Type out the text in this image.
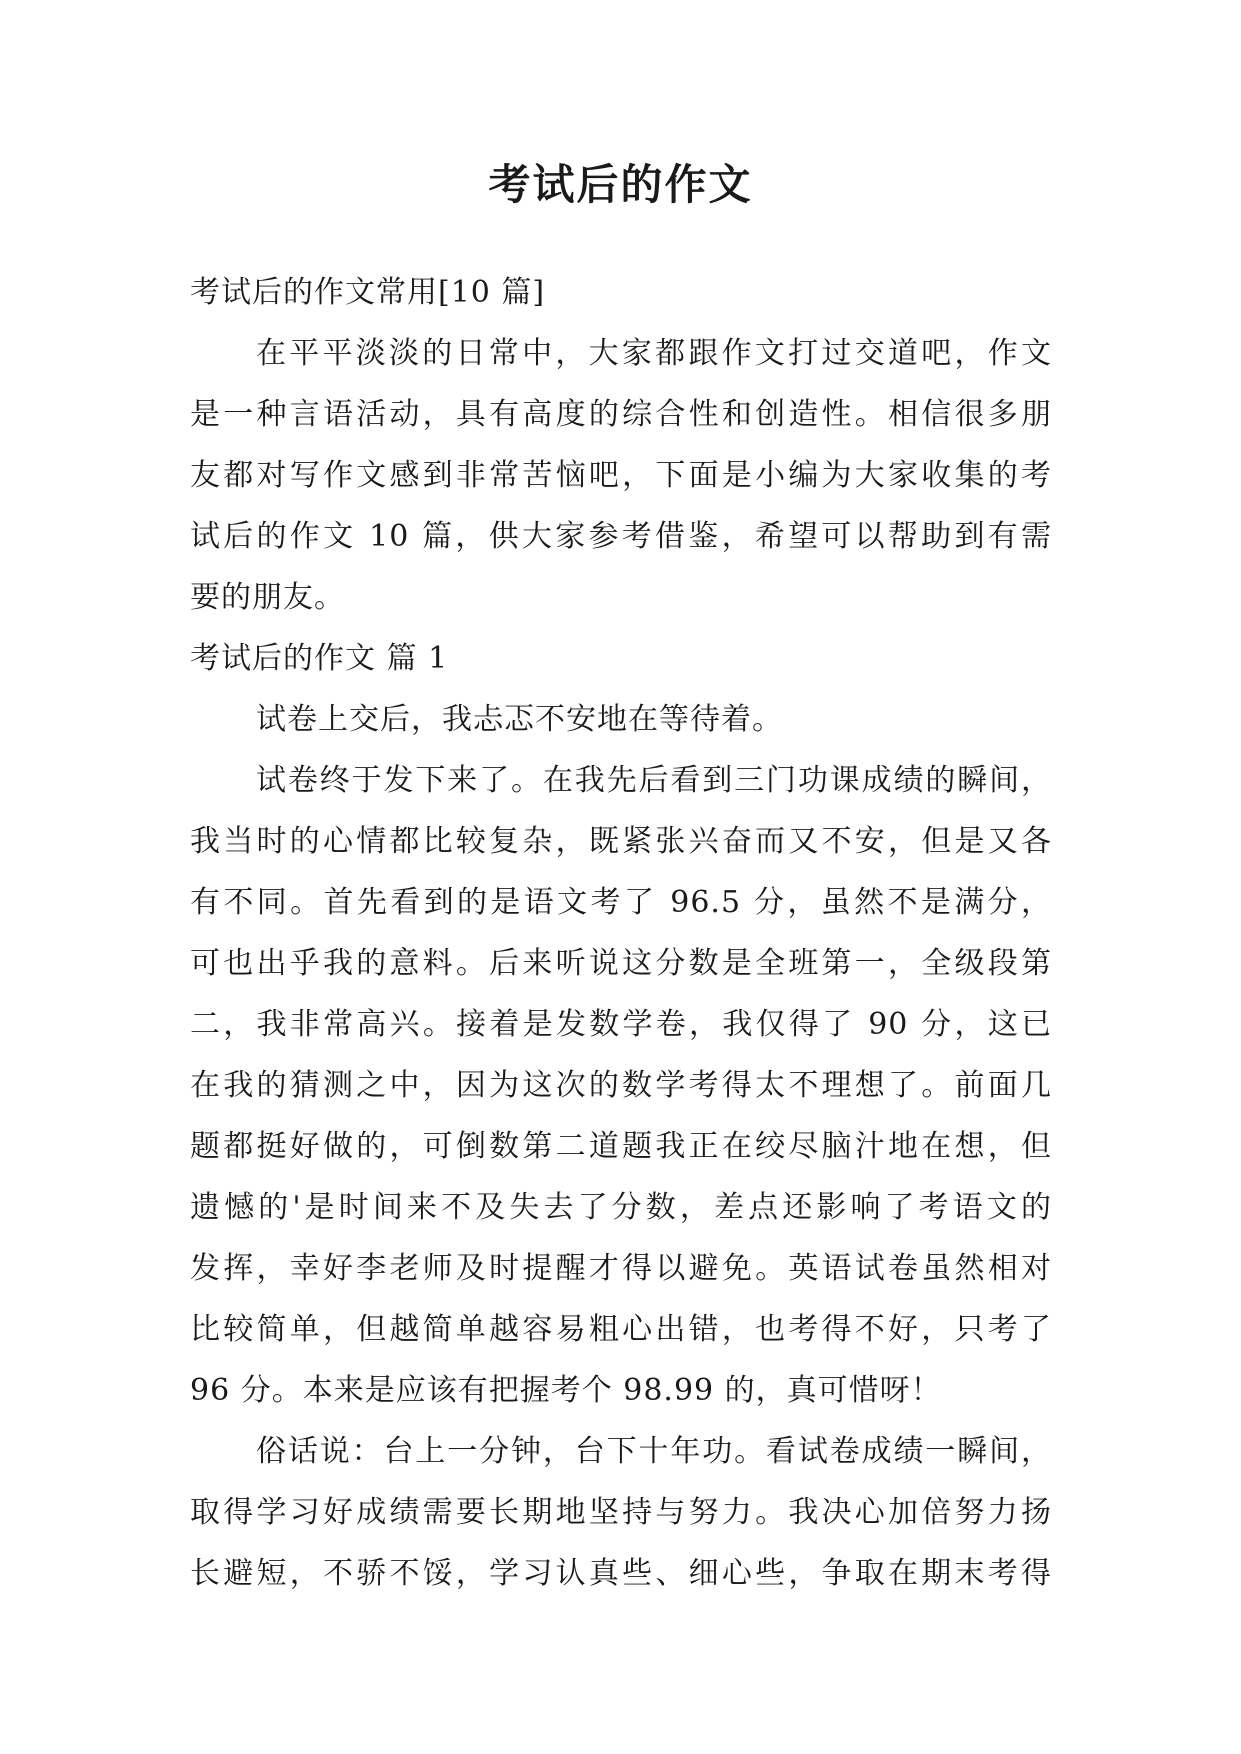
考试后的作文
考试后的作文常用[10 篇]
在平平淡淡的日常中，大家都跟作文打过交道吧，作文
是一种言语活动，具有高度的综合性和创造性。相信很多朋
友都对写作文感到非常苦恼吧，下面是小编为大家收集的考
试后的作文 10 篇，供大家参考借鉴，希望可以帮助到有需
要的朋友。
考试后的作文 篇 1
试卷上交后，我忐忑不安地在等待着。
试卷终于发下来了。在我先后看到三门功课成绩的瞬间，
我当时的心情都比较复杂，既紧张兴奋而又不安，但是又各
有不同。首先看到的是语文考了 96.5 分，虽然不是满分，
可也出乎我的意料。后来听说这分数是全班第一，全级段第
二，我非常高兴。接着是发数学卷，我仅得了 90 分，这已
在我的猜测之中，因为这次的数学考得太不理想了。前面几
题都挺好做的，可倒数第二道题我正在绞尽脑汁地在想，但
遗憾的'是时间来不及失去了分数，差点还影响了考语文的
发挥，幸好李老师及时提醒才得以避免。英语试卷虽然相对
比较简单，但越简单越容易粗心出错，也考得不好，只考了
96 分。本来是应该有把握考个 98.99 的，真可惜呀！
俗话说：台上一分钟，台下十年功。看试卷成绩一瞬间，
取得学习好成绩需要长期地坚持与努力。我决心加倍努力扬
长避短，不骄不馁，学习认真些、细心些，争取在期末考得
